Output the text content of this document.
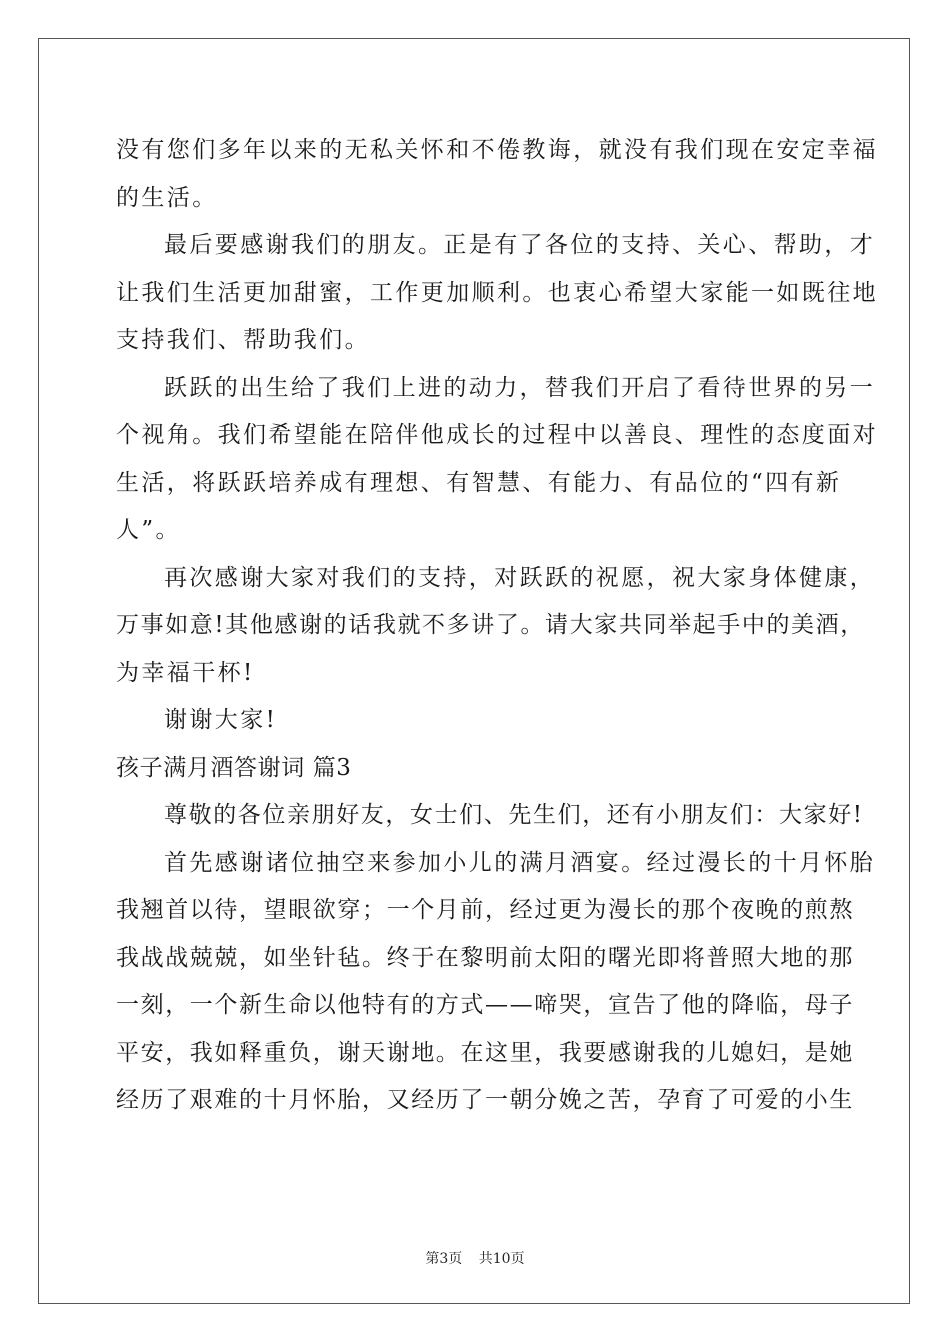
没有您们多年以来的无私关怀和不倦教诲，就没有我们现在安定幸福
的生活。
最后要感谢我们的朋友。正是有了各位的支持、关心、帮助，才
让我们生活更加甜蜜，工作更加顺利。也衷心希望大家能一如既往地
支持我们、帮助我们。
跃跃的出生给了我们上进的动力，替我们开启了看待世界的另一
个视角。我们希望能在陪伴他成长的过程中以善良、理性的态度面对
生活，将跃跃培养成有理想、有智慧、有能力、有品位的“四有新
人”。
再次感谢大家对我们的支持，对跃跃的祝愿，祝大家身体健康，
万事如意!其他感谢的话我就不多讲了。请大家共同举起手中的美酒，
为幸福干杯!
谢谢大家!
孩子满月酒答谢词 篇3
尊敬的各位亲朋好友，女士们、先生们，还有小朋友们：大家好!
首先感谢诸位抽空来参加小儿的满月酒宴。经过漫长的十月怀胎
我翘首以待，望眼欲穿；一个月前，经过更为漫长的那个夜晚的煎熬
我战战兢兢，如坐针毡。终于在黎明前太阳的曙光即将普照大地的那
一刻，一个新生命以他特有的方式——啼哭，宣告了他的降临，母子
平安，我如释重负，谢天谢地。在这里，我要感谢我的儿媳妇，是她
经历了艰难的十月怀胎，又经历了一朝分娩之苦，孕育了可爱的小生
第3页 共10页
